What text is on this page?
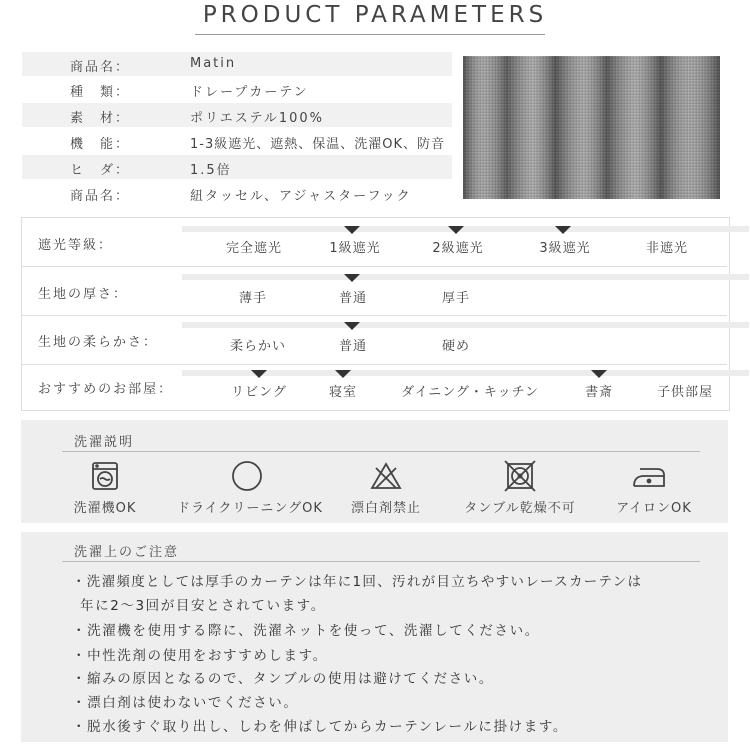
PRODUCT PARAMETERS
商品名：	Matin
種　類：	ドレープカーテン
素　材：	ポリエステル100%
機　能：	1-3級遮光、遮熱、保温、洗濯OK、防音
ヒ　ダ：	1.5倍
商品名：	紐タッセル、アジャスターフック
遮光等級：	完全遮光	1級遮光	2級遮光	3級遮光	非遮光
生地の厚さ：	薄手	普通	厚手
生地の柔らかさ：	柔らかい	普通	硬め
おすすめのお部屋：	リビング	寝室	ダイニング・キッチン	書斎	子供部屋
洗濯説明
洗濯機OK	ドライクリーニングOK 漂白剤禁止	タンブル乾燥不可	アイロンOK
洗濯上のご注意
・洗濯頻度としては厚手のカーテンは年に1回、汚れが目立ちやすいレースカーテンは
年に2～3回が目安とされています。
・洗濯機を使用する際に、洗濯ネットを使って、洗濯してください。
・中性洗剤の使用をおすすめします。
・縮みの原因となるので、タンブルの使用は避けてください。
・漂白剤は使わないでください。
・脱水後すぐ取り出し、しわを伸ばしてからカーテンレールに掛けます。
